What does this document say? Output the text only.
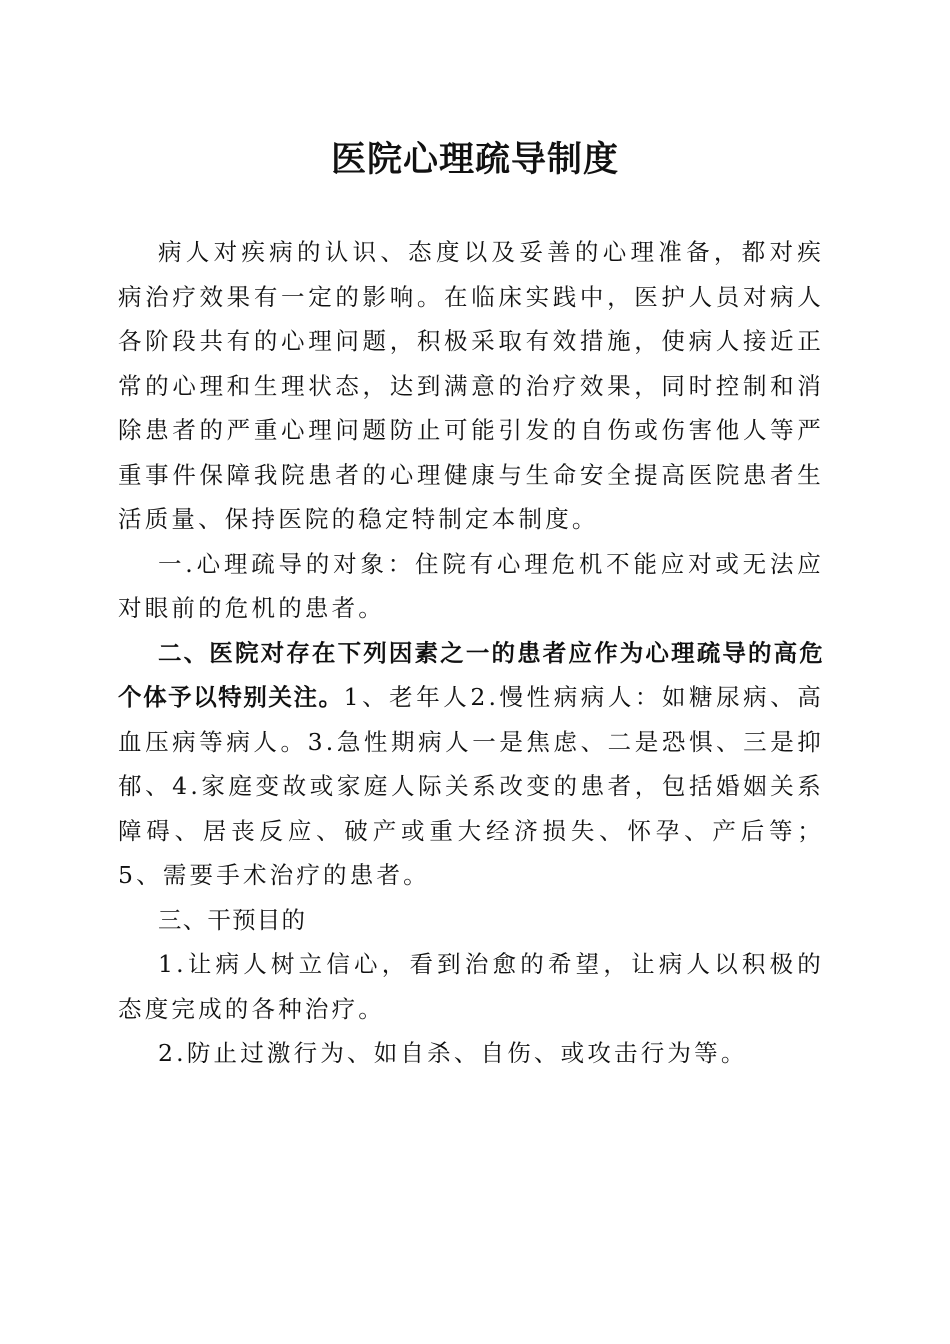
医院心理疏导制度

病人对疾病的认识、态度以及妥善的心理准备，都对疾病治疗效果有一定的影响。在临床实践中，医护人员对病人各阶段共有的心理问题，积极采取有效措施，使病人接近正常的心理和生理状态，达到满意的治疗效果，同时控制和消除患者的严重心理问题防止可能引发的自伤或伤害他人等严重事件保障我院患者的心理健康与生命安全提高医院患者生活质量、保持医院的稳定特制定本制度。

一.心理疏导的对象：住院有心理危机不能应对或无法应对眼前的危机的患者。

二、医院对存在下列因素之一的患者应作为心理疏导的高危个体予以特别关注。1、老年人2.慢性病病人：如糖尿病、高血压病等病人。3.急性期病人一是焦虑、二是恐惧、三是抑郁、4.家庭变故或家庭人际关系改变的患者，包括婚姻关系障碍、居丧反应、破产或重大经济损失、怀孕、产后等；5、需要手术治疗的患者。

三、干预目的

1.让病人树立信心，看到治愈的希望，让病人以积极的态度完成的各种治疗。

2.防止过激行为、如自杀、自伤、或攻击行为等。
